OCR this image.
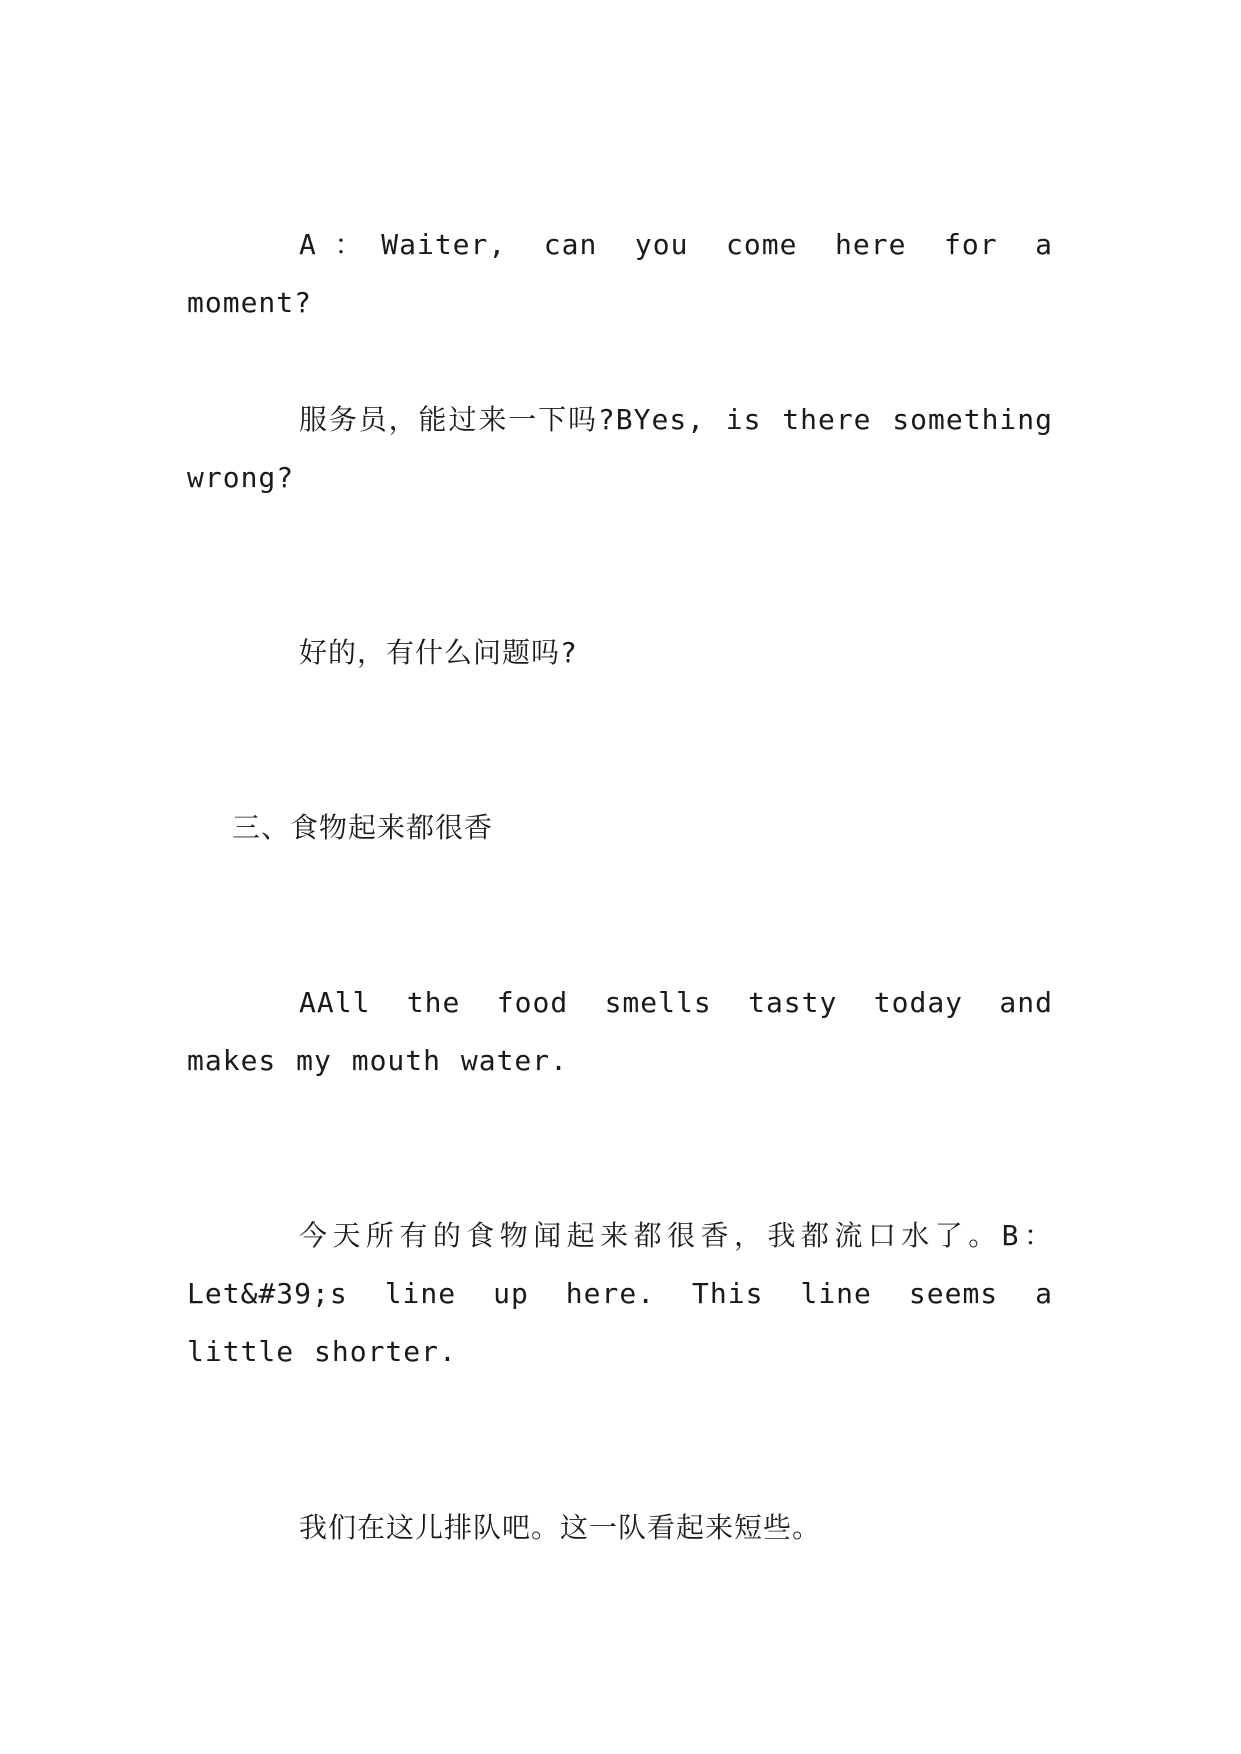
A：Waiter, can you come here for a moment?

服务员，能过来一下吗?BYes, is there something wrong?

好的，有什么问题吗?

三、食物起来都很香

AAll the food smells tasty today and makes my mouth water.

今天所有的食物闻起来都很香，我都流口水了。B：Let&#39;s line up here. This line seems a little shorter.

我们在这儿排队吧。这一队看起来短些。
